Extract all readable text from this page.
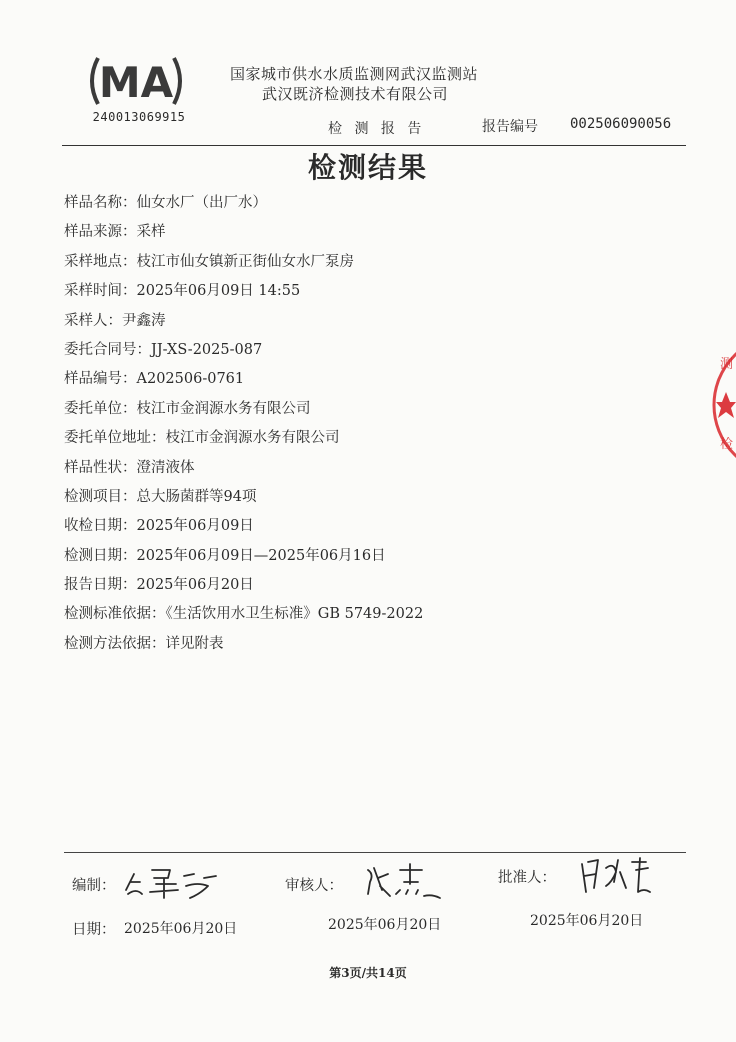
MA
240013069915
国家城市供水水质监测网武汉监测站
武汉既济检测技术有限公司
检 测 报 告	报告编号 002506090056
检测结果
样品名称：仙女水厂（出厂水）
样品来源：采样
采样地点：枝江市仙女镇新正街仙女水厂泵房
采样时间：2025年06月09日 14:55
采样人：尹鑫涛
委托合同号：JJ-XS-2025-087
样品编号：A202506-0761
委托单位：枝江市金润源水务有限公司
委托单位地址：枝江市金润源水务有限公司
样品性状：澄清液体
检测项目：总大肠菌群等94项
收检日期：2025年06月09日
检测日期：2025年06月09日—2025年06月16日
报告日期：2025年06月20日
检测标准依据：《生活饮用水卫生标准》GB 5749-2022
检测方法依据：详见附表
测
检
编制：	审核人：	批准人：
日期： 2025年06月20日	2025年06月20日	2025年06月20日
第3页/共14页
